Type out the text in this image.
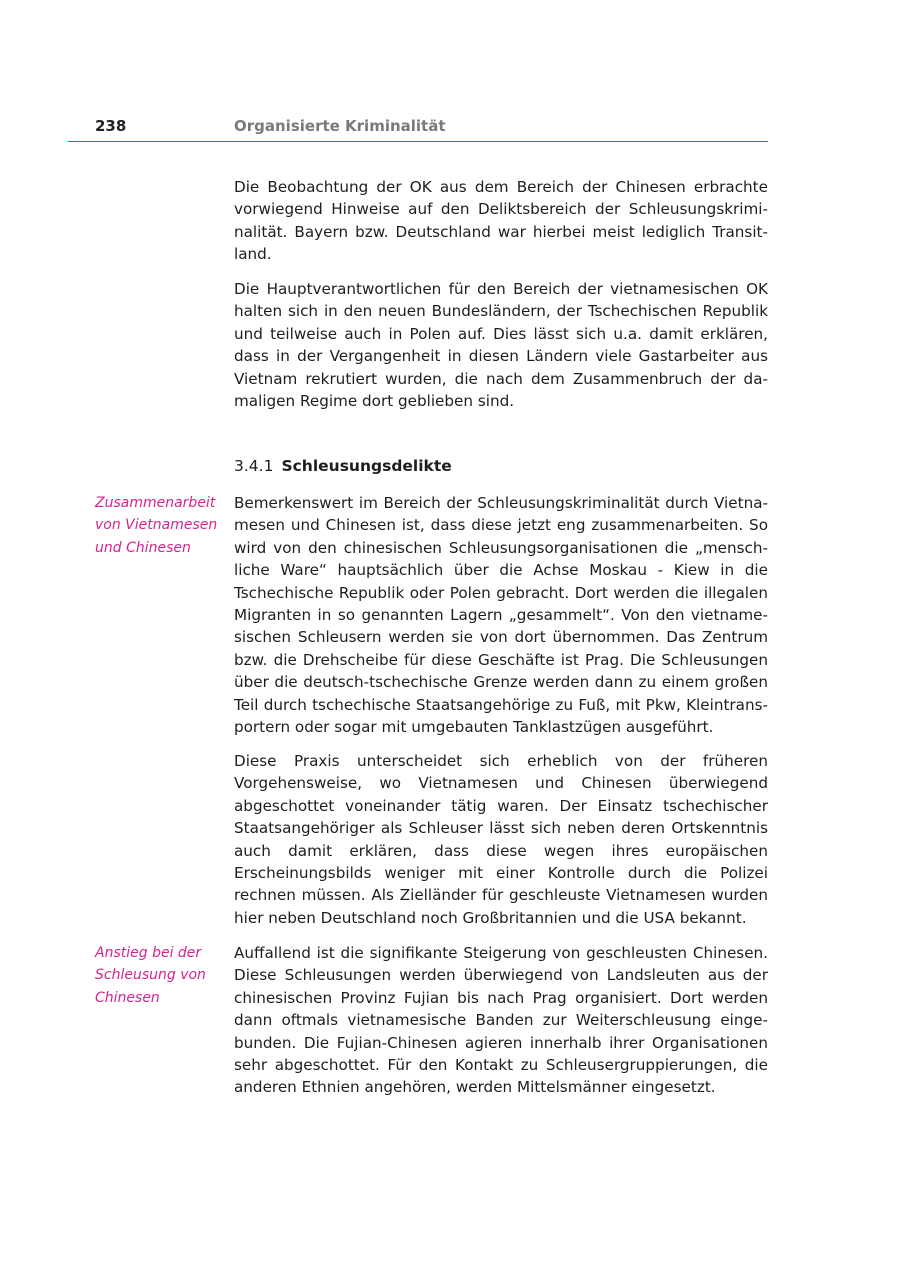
238	Organisierte Kriminalität

Die Beobachtung der OK aus dem Bereich der Chinesen erbrachte vorwiegend Hinweise auf den Deliktsbereich der Schleusungskriminalität. Bayern bzw. Deutschland war hierbei meist lediglich Transitland.

Die Hauptverantwortlichen für den Bereich der vietnamesischen OK halten sich in den neuen Bundesländern, der Tschechischen Republik und teilweise auch in Polen auf. Dies lässt sich u.a. damit erklären, dass in der Vergangenheit in diesen Ländern viele Gastarbeiter aus Vietnam rekrutiert wurden, die nach dem Zusammenbruch der damaligen Regime dort geblieben sind.

3.4.1 Schleusungsdelikte

Zusammenarbeit von Vietnamesen und Chinesen

Bemerkenswert im Bereich der Schleusungskriminalität durch Vietnamesen und Chinesen ist, dass diese jetzt eng zusammenarbeiten. So wird von den chinesischen Schleusungsorganisationen die „menschliche Ware“ hauptsächlich über die Achse Moskau - Kiew in die Tschechische Republik oder Polen gebracht. Dort werden die illegalen Migranten in so genannten Lagern „gesammelt“. Von den vietnamesischen Schleusern werden sie von dort übernommen. Das Zentrum bzw. die Drehscheibe für diese Geschäfte ist Prag. Die Schleusungen über die deutsch-tschechische Grenze werden dann zu einem großen Teil durch tschechische Staatsangehörige zu Fuß, mit Pkw, Kleintransportern oder sogar mit umgebauten Tanklastzügen ausgeführt.

Diese Praxis unterscheidet sich erheblich von der früheren Vorgehensweise, wo Vietnamesen und Chinesen überwiegend abgeschottet voneinander tätig waren. Der Einsatz tschechischer Staatsangehöriger als Schleuser lässt sich neben deren Ortskenntnis auch damit erklären, dass diese wegen ihres europäischen Erscheinungsbilds weniger mit einer Kontrolle durch die Polizei rechnen müssen. Als Zielländer für geschleuste Vietnamesen wurden hier neben Deutschland noch Großbritannien und die USA bekannt.

Anstieg bei der Schleusung von Chinesen

Auffallend ist die signifikante Steigerung von geschleusten Chinesen. Diese Schleusungen werden überwiegend von Landsleuten aus der chinesischen Provinz Fujian bis nach Prag organisiert. Dort werden dann oftmals vietnamesische Banden zur Weiterschleusung eingebunden. Die Fujian-Chinesen agieren innerhalb ihrer Organisationen sehr abgeschottet. Für den Kontakt zu Schleusergruppierungen, die anderen Ethnien angehören, werden Mittelsmänner eingesetzt.
